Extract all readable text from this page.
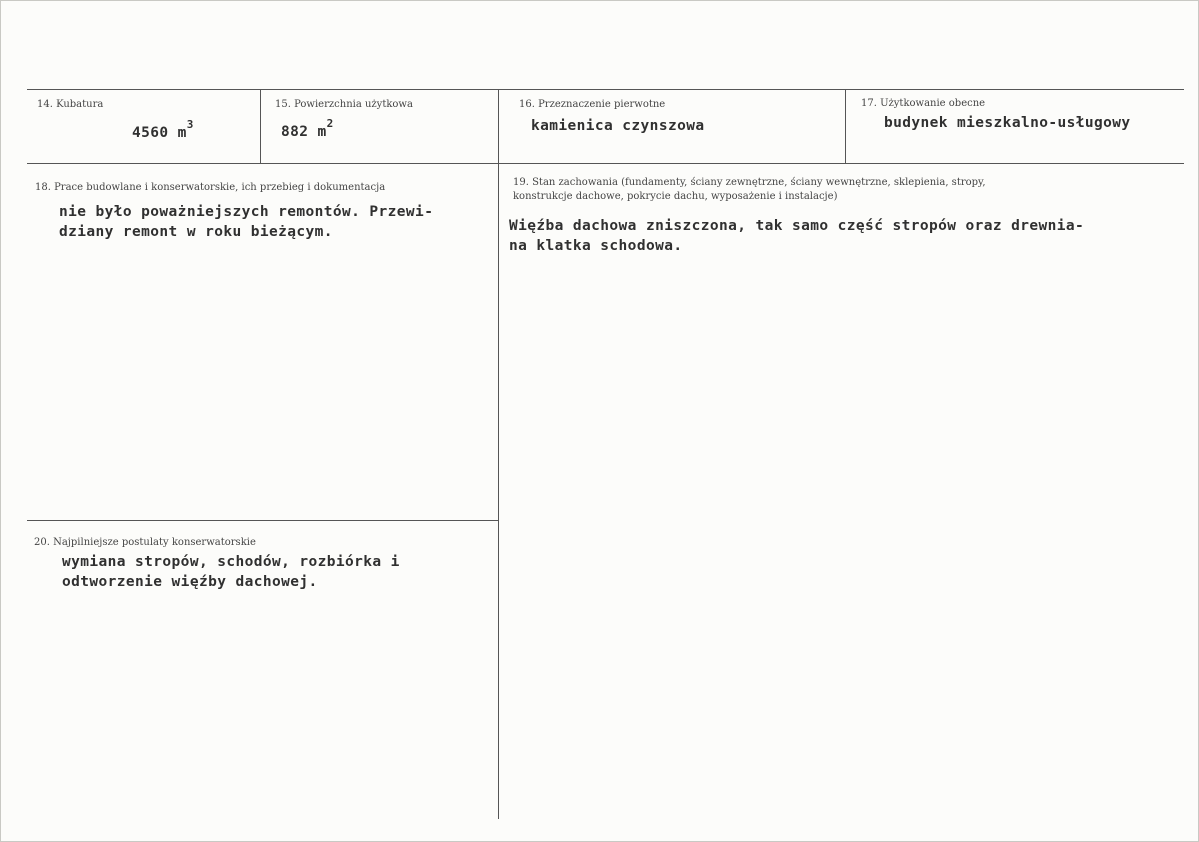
14. Kubatura
4560 $m^3$
15. Powierzchnia użytkowa
882 $m^2$
16. Przeznaczenie pierwotne
kamienica czynszowa
17. Użytkowanie obecne
budynek mieszkalno-usługowy
18. Prace budowlane i konserwatorskie, ich przebieg i dokumentacja
nie było poważniejszych remontów. Przewi-
dziany remont w roku bieżącym.
19. Stan zachowania (fundamenty, ściany zewnętrzne, ściany wewnętrzne, sklepienia, stropy,
konstrukcje dachowe, pokrycie dachu, wyposażenie i instalacje)
Więźba dachowa zniszczona, tak samo część stropów oraz drewnia-
na klatka schodowa.
20. Najpilniejsze postulaty konserwatorskie
wymiana stropów, schodów, rozbiórka i
odtworzenie więźby dachowej.
